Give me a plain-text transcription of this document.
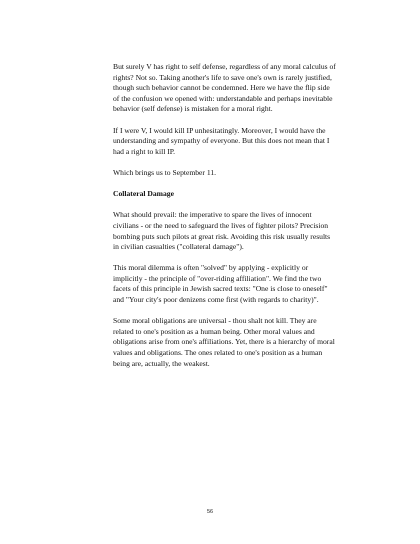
But surely V has right to self defense, regardless of any moral calculus of rights? Not so. Taking another's life to save one's own is rarely justified, though such behavior cannot be condemned. Here we have the flip side of the confusion we opened with: understandable and perhaps inevitable behavior (self defense) is mistaken for a moral right.

If I were V, I would kill IP unhesitatingly. Moreover, I would have the understanding and sympathy of everyone. But this does not mean that I had a right to kill IP.

Which brings us to September 11.

Collateral Damage

What should prevail: the imperative to spare the lives of innocent civilians - or the need to safeguard the lives of fighter pilots? Precision bombing puts such pilots at great risk. Avoiding this risk usually results in civilian casualties ("collateral damage").

This moral dilemma is often "solved" by applying - explicitly or implicitly - the principle of "over-riding affiliation". We find the two facets of this principle in Jewish sacred texts: "One is close to oneself" and "Your city's poor denizens come first (with regards to charity)".

Some moral obligations are universal - thou shalt not kill. They are related to one's position as a human being. Other moral values and obligations arise from one's affiliations. Yet, there is a hierarchy of moral values and obligations. The ones related to one's position as a human being are, actually, the weakest.

56
